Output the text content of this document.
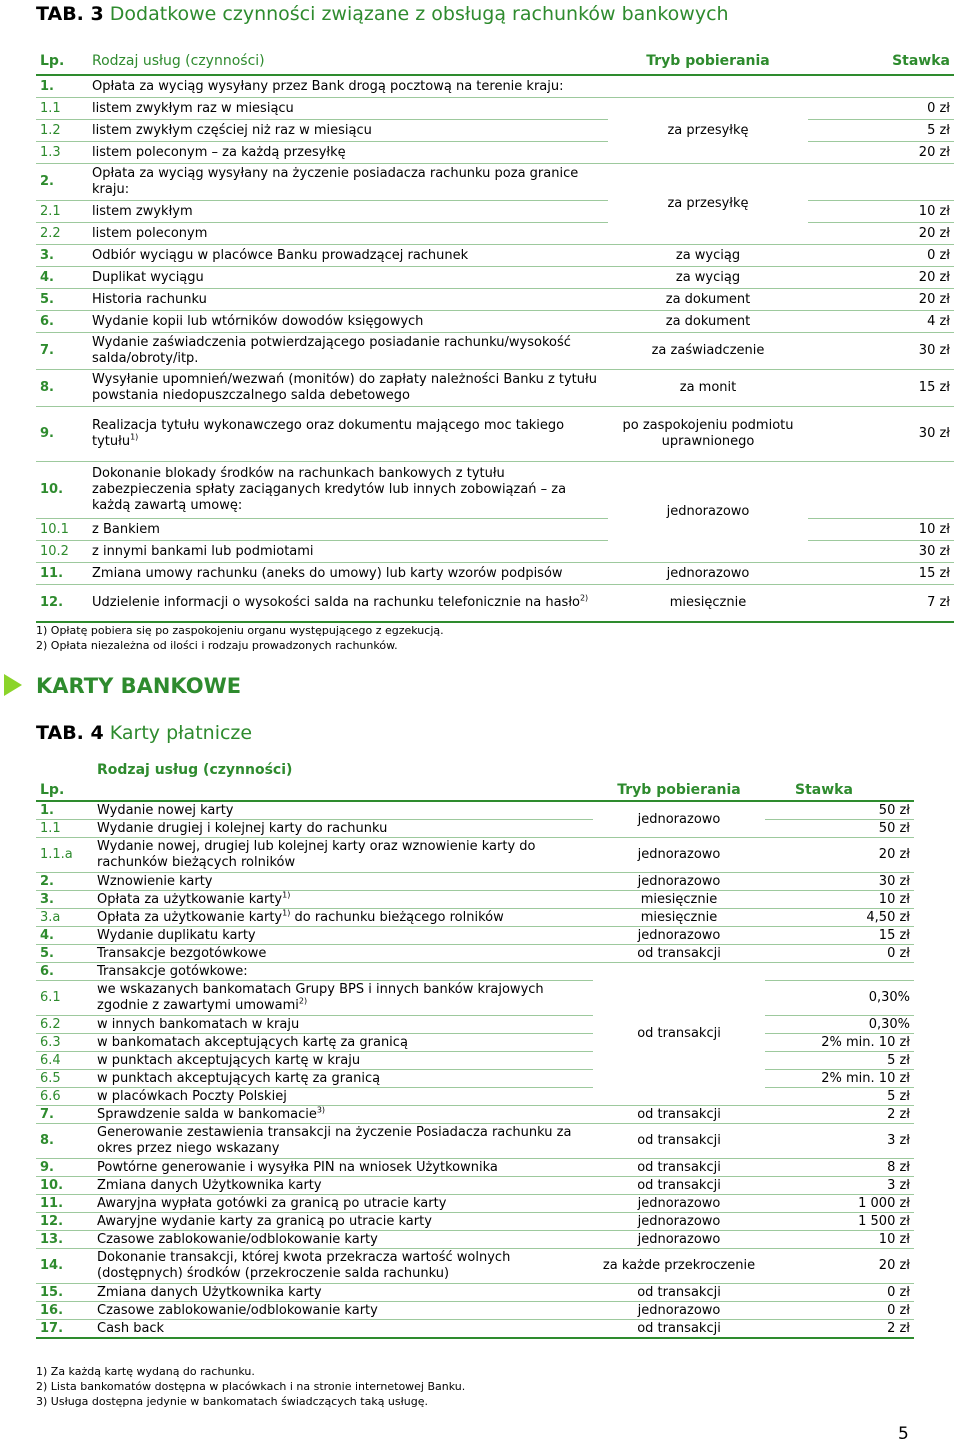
TAB. 3 Dodatkowe czynności związane z obsługą rachunków bankowych
Lp.	Rodzaj usług (czynności)	Tryb pobierania	Stawka
1.	Opłata za wyciąg wysyłany przez Bank drogą pocztową na terenie kraju:		
1.1	listem zwykłym raz w miesiącu	za przesyłkę	0 zł
1.2	listem zwykłym częściej niż raz w miesiącu		5 zł
1.3	listem poleconym – za każdą przesyłkę		20 zł
2.	Opłata za wyciąg wysyłany na życzenie posiadacza rachunku poza granice kraju:	za przesyłkę	
2.1	listem zwykłym		10 zł
2.2	listem poleconym		20 zł
3.	Odbiór wyciągu w placówce Banku prowadzącej rachunek	za wyciąg	0 zł
4.	Duplikat wyciągu	za wyciąg	20 zł
5.	Historia rachunku	za dokument	20 zł
6.	Wydanie kopii lub wtórników dowodów księgowych	za dokument	4 zł
7.	Wydanie zaświadczenia potwierdzającego posiadanie rachunku/wysokość salda/obroty/itp.	za zaświadczenie	30 zł
8.	Wysyłanie upomnień/wezwań (monitów) do zapłaty należności Banku z tytułu powstania niedopuszczalnego salda debetowego	za monit	15 zł
9.	Realizacja tytułu wykonawczego oraz dokumentu mającego moc takiego tytułu$^{1)}$	po zaspokojeniu podmiotu uprawnionego	30 zł
10.	Dokonanie blokady środków na rachunkach bankowych z tytułu zabezpieczenia spłaty zaciąganych kredytów lub innych zobowiązań – za każdą zawartą umowę:	jednorazowo	
10.1	z Bankiem		10 zł
10.2	z innymi bankami lub podmiotami		30 zł
11.	Zmiana umowy rachunku (aneks do umowy) lub karty wzorów podpisów	jednorazowo	15 zł
12.	Udzielenie informacji o wysokości salda na rachunku telefonicznie na hasło$^{2)}$	miesięcznie	7 zł
1) Opłatę pobiera się po zaspokojeniu organu występującego z egzekucją.
2) Opłata niezależna od ilości i rodzaju prowadzonych rachunków.
KARTY BANKOWE
TAB. 4 Karty płatnicze
Lp.	Rodzaj usług (czynności)	Tryb pobierania	Stawka
1.	Wydanie nowej karty	jednorazowo	50 zł
1.1	Wydanie drugiej i kolejnej karty do rachunku		50 zł
1.1.a	Wydanie nowej, drugiej lub kolejnej karty oraz wznowienie karty do rachunków bieżących rolników	jednorazowo	20 zł
2.	Wznowienie karty	jednorazowo	30 zł
3.	Opłata za użytkowanie karty$^{1)}$	miesięcznie	10 zł
3.a	Opłata za użytkowanie karty$^{1)}$ do rachunku bieżącego rolników	miesięcznie	4,50 zł
4.	Wydanie duplikatu karty	jednorazowo	15 zł
5.	Transakcje bezgotówkowe	od transakcji	0 zł
6.	Transakcje gotówkowe:	od transakcji	
6.1	we wskazanych bankomatach Grupy BPS i innych banków krajowych zgodnie z zawartymi umowami$^{2)}$		0,30%
6.2	w innych bankomatach w kraju		0,30%
6.3	w bankomatach akceptujących kartę za granicą		2% min. 10 zł
6.4	w punktach akceptujących kartę w kraju		5 zł
6.5	w punktach akceptujących kartę za granicą		2% min. 10 zł
6.6	w placówkach Poczty Polskiej		5 zł
7.	Sprawdzenie salda w bankomacie$^{3)}$	od transakcji	2 zł
8.	Generowanie zestawienia transakcji na życzenie Posiadacza rachunku za okres przez niego wskazany	od transakcji	3 zł
9.	Powtórne generowanie i wysyłka PIN na wniosek Użytkownika	od transakcji	8 zł
10.	Zmiana danych Użytkownika karty	od transakcji	3 zł
11.	Awaryjna wypłata gotówki za granicą po utracie karty	jednorazowo	1 000 zł
12.	Awaryjne wydanie karty za granicą po utracie karty	jednorazowo	1 500 zł
13.	Czasowe zablokowanie/odblokowanie karty	jednorazowo	10 zł
14.	Dokonanie transakcji, której kwota przekracza wartość wolnych (dostępnych) środków (przekroczenie salda rachunku)	za każde przekroczenie	20 zł
15.	Zmiana danych Użytkownika karty	od transakcji	0 zł
16.	Czasowe zablokowanie/odblokowanie karty	jednorazowo	0 zł
17.	Cash back	od transakcji	2 zł
1) Za każdą kartę wydaną do rachunku.
2) Lista bankomatów dostępna w placówkach i na stronie internetowej Banku.
3) Usługa dostępna jedynie w bankomatach świadczących taką usługę.
5
